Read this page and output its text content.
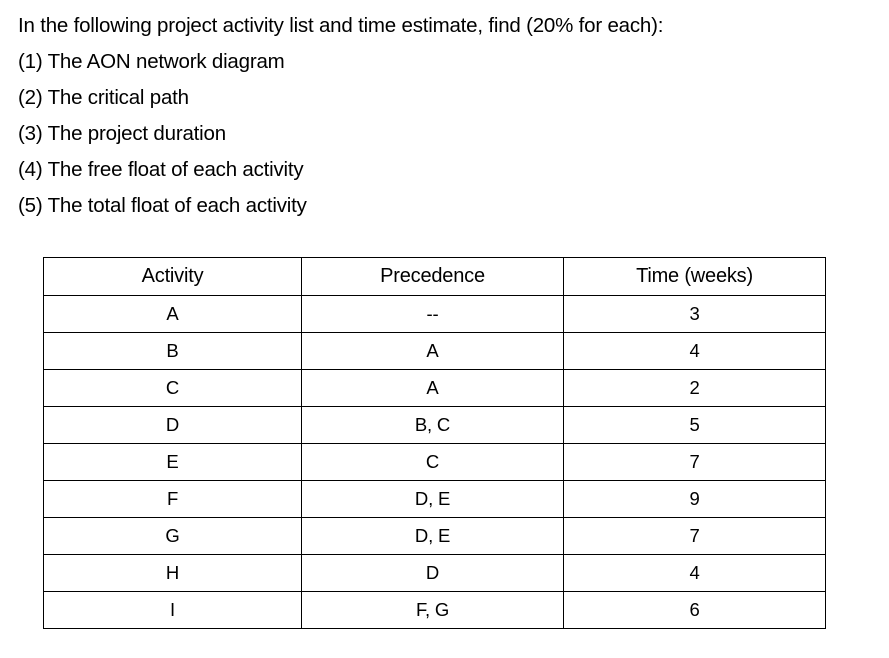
In the following project activity list and time estimate, find (20% for each):
(1) The AON network diagram
(2) The critical path
(3) The project duration
(4) The free float of each activity
(5) The total float of each activity
Activity	Precedence	Time (weeks)
A	--	3
B	A	4
C	A	2
D	B, C	5
E	C	7
F	D, E	9
G	D, E	7
H	D	4
I	F, G	6
